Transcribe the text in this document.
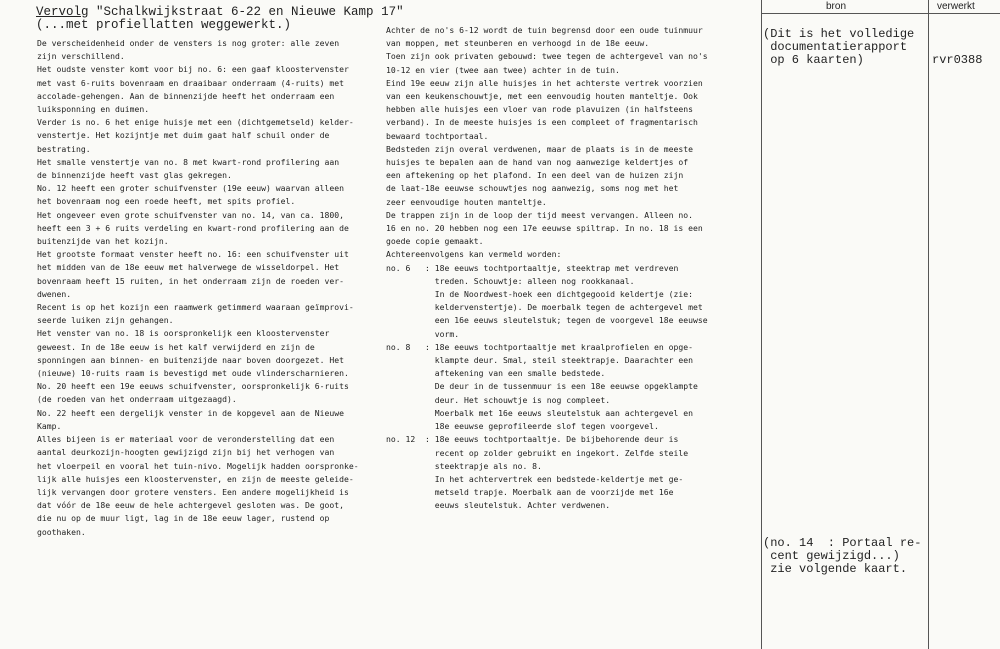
Vervolg "Schalkwijkstraat 6-22 en Nieuwe Kamp 17"
(...met profiellatten weggewerkt.)
De verscheidenheid onder de vensters is nog groter: alle zeven
zijn verschillend.
Het oudste venster komt voor bij no. 6: een gaaf kloostervenster
met vast 6-ruits bovenraam en draaibaar onderraam (4-ruits) met
accolade-gehengen. Aan de binnenzijde heeft het onderraam een
luiksponning en duimen.
Verder is no. 6 het enige huisje met een (dichtgemetseld) kelder-
venstertje. Het kozijntje met duim gaat half schuil onder de
bestrating.
Het smalle venstertje van no. 8 met kwart-rond profilering aan
de binnenzijde heeft vast glas gekregen.
No. 12 heeft een groter schuifvenster (19e eeuw) waarvan alleen
het bovenraam nog een roede heeft, met spits profiel.
Het ongeveer even grote schuifvenster van no. 14, van ca. 1800,
heeft een 3 + 6 ruits verdeling en kwart-rond profilering aan de
buitenzijde van het kozijn.
Het grootste formaat venster heeft no. 16: een schuifvenster uit
het midden van de 18e eeuw met halverwege de wisseldorpel. Het
bovenraam heeft 15 ruiten, in het onderraam zijn de roeden ver-
dwenen.
Recent is op het kozijn een raamwerk getimmerd waaraan geïmprovi-
seerde luiken zijn gehangen.
Het venster van no. 18 is oorspronkelijk een kloostervenster
geweest. In de 18e eeuw is het kalf verwijderd en zijn de
sponningen aan binnen- en buitenzijde naar boven doorgezet. Het
(nieuwe) 10-ruits raam is bevestigd met oude vlinderscharnieren.
No. 20 heeft een 19e eeuws schuifvenster, oorspronkelijk 6-ruits
(de roeden van het onderraam uitgezaagd).
No. 22 heeft een dergelijk venster in de kopgevel aan de Nieuwe
Kamp.
Alles bijeen is er materiaal voor de veronderstelling dat een
aantal deurkozijn-hoogten gewijzigd zijn bij het verhogen van
het vloerpeil en vooral het tuin-nivo. Mogelijk hadden oorspronke-
lijk alle huisjes een kloostervenster, en zijn de meeste geleide-
lijk vervangen door grotere vensters. Een andere mogelijkheid is
dat vóór de 18e eeuw de hele achtergevel gesloten was. De goot,
die nu op de muur ligt, lag in de 18e eeuw lager, rustend op
goothaken.
Achter de no's 6-12 wordt de tuin begrensd door een oude tuinmuur
van moppen, met steunberen en verhoogd in de 18e eeuw.
Toen zijn ook privaten gebouwd: twee tegen de achtergevel van no's
10-12 en vier (twee aan twee) achter in de tuin.
Eind 19e eeuw zijn alle huisjes in het achterste vertrek voorzien
van een keukenschouwtje, met een eenvoudig houten manteltje. Ook
hebben alle huisjes een vloer van rode plavuizen (in halfsteens
verband). In de meeste huisjes is een compleet of fragmentarisch
bewaard tochtportaal.
Bedsteden zijn overal verdwenen, maar de plaats is in de meeste
huisjes te bepalen aan de hand van nog aanwezige keldertjes of
een aftekening op het plafond. In een deel van de huizen zijn
de laat-18e eeuwse schouwtjes nog aanwezig, soms nog met het
zeer eenvoudige houten manteltje.
De trappen zijn in de loop der tijd meest vervangen. Alleen no.
16 en no. 20 hebben nog een 17e eeuwse spiltrap. In no. 18 is een
goede copie gemaakt.
Achtereenvolgens kan vermeld worden:
no. 6   : 18e eeuws tochtportaaltje, steektrap met verdreven
treden. Schouwtje: alleen nog rookkanaal.
In de Noordwest-hoek een dichtgegooid keldertje (zie:
keldervenstertje). De moerbalk tegen de achtergevel met
een 16e eeuws sleutelstuk; tegen de voorgevel 18e eeuwse
vorm.
no. 8   : 18e eeuws tochtportaaltje met kraalprofielen en opge-
klampte deur. Smal, steil steektrapje. Daarachter een
aftekening van een smalle bedstede.
De deur in de tussenmuur is een 18e eeuwse opgeklampte
deur. Het schouwtje is nog compleet.
Moerbalk met 16e eeuws sleutelstuk aan achtergevel en
18e eeuwse geprofileerde slof tegen voorgevel.
no. 12  : 18e eeuws tochtportaaltje. De bijbehorende deur is
recent op zolder gebruikt en ingekort. Zelfde steile
steektrapje als no. 8.
In het achtervertrek een bedstede-keldertje met ge-
metseld trapje. Moerbalk aan de voorzijde met 16e
eeuws sleutelstuk. Achter verdwenen.
bron	verwerkt
(Dit is het volledige
documentatierapport
op 6 kaarten)	rvr0388
(no. 14  : Portaal re-
cent gewijzigd...)
zie volgende kaart.
